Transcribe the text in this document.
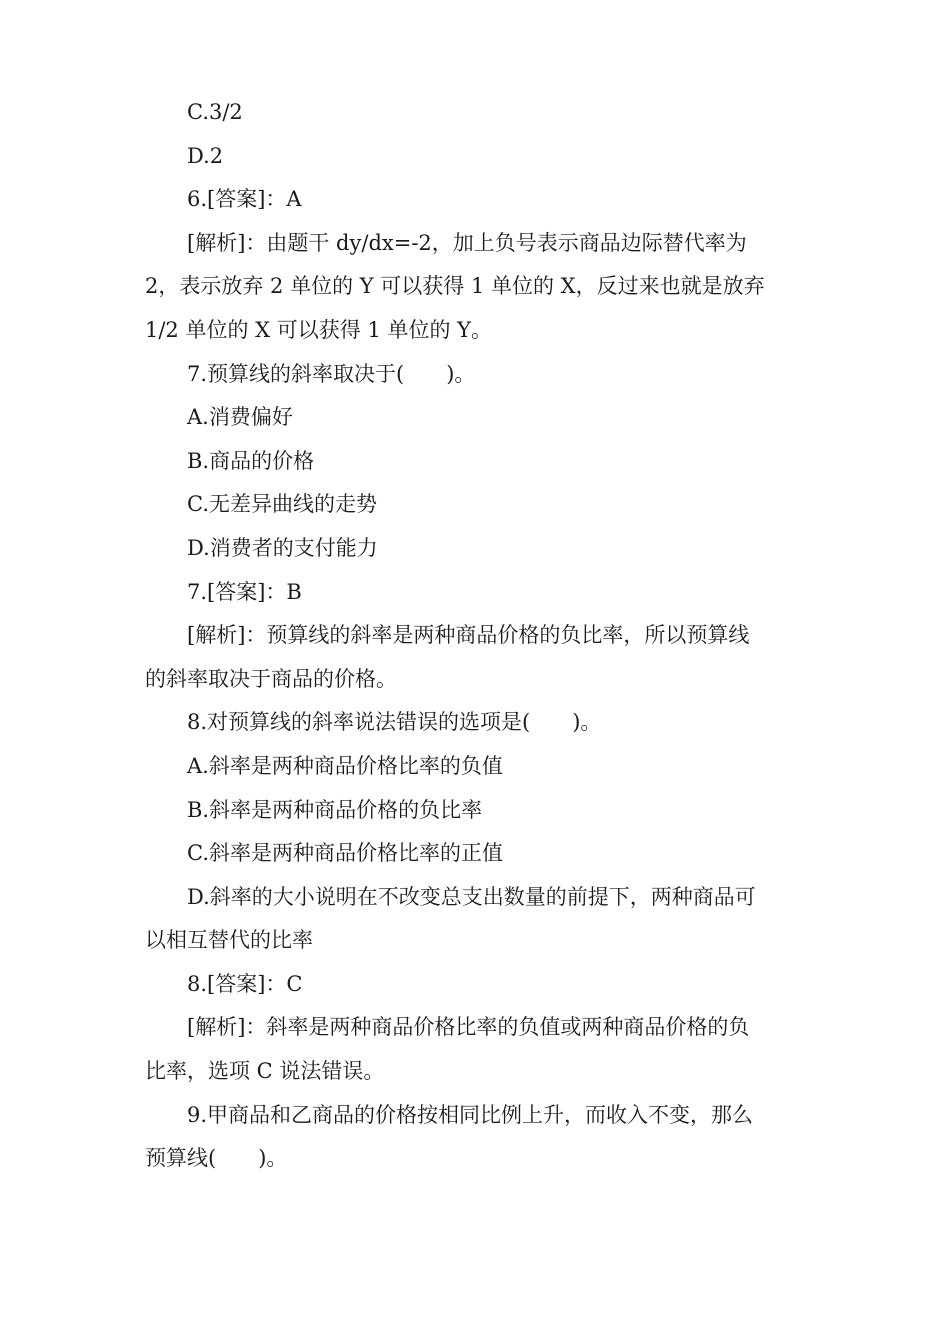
C.3/2
D.2
6.[答案]：A
[解析]：由题干 dy/dx=-2，加上负号表示商品边际替代率为
2，表示放弃 2 单位的 Y 可以获得 1 单位的 X，反过来也就是放弃
1/2 单位的 X 可以获得 1 单位的 Y。
7.预算线的斜率取决于(　　)。
A.消费偏好
B.商品的价格
C.无差异曲线的走势
D.消费者的支付能力
7.[答案]：B
[解析]：预算线的斜率是两种商品价格的负比率，所以预算线
的斜率取决于商品的价格。
8.对预算线的斜率说法错误的选项是(　　)。
A.斜率是两种商品价格比率的负值
B.斜率是两种商品价格的负比率
C.斜率是两种商品价格比率的正值
D.斜率的大小说明在不改变总支出数量的前提下，两种商品可
以相互替代的比率
8.[答案]：C
[解析]：斜率是两种商品价格比率的负值或两种商品价格的负
比率，选项 C 说法错误。
9.甲商品和乙商品的价格按相同比例上升，而收入不变，那么
预算线(　　)。
